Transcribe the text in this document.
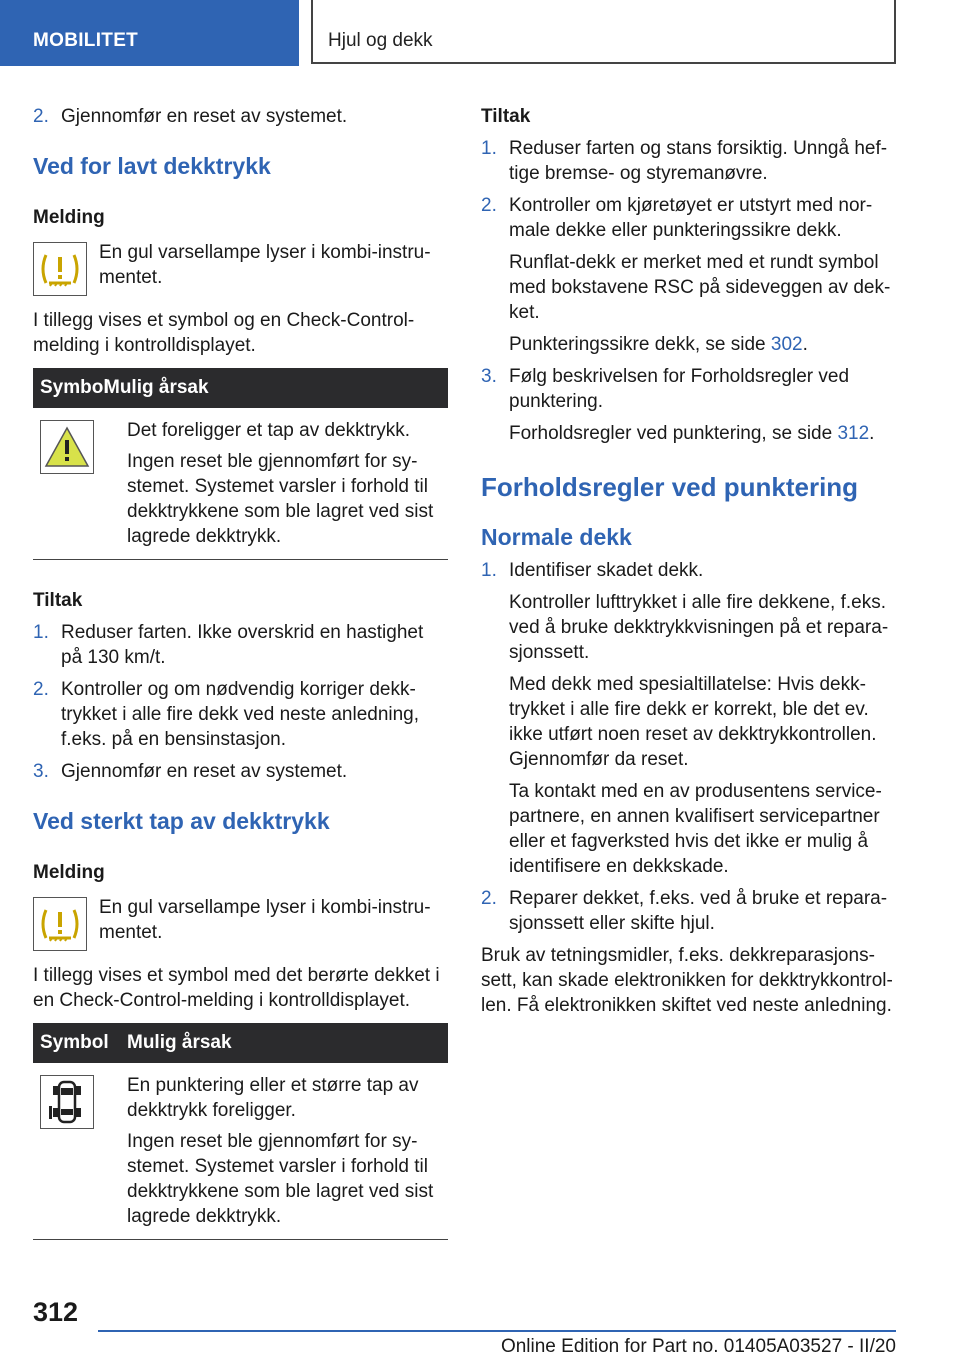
MOBILITET	Hjul og dekk
2. Gjennomfør en reset av systemet.
Ved for lavt dekktrykk

Melding

En gul varsellampe lyser i kombi-instru-mentet.

I tillegg vises et symbol og en Check-Control-melding i kontrolldisplayet.

Symbol
Mulig årsak

Det foreligger et tap av dekktrykk.

Ingen reset ble gjennomført for sy-stemet. Systemet varsler i forhold til dekktrykkene som ble lagret ved sist lagrede dekktrykk.

Tiltak

1. Reduser farten. Ikke overskrid en hastighet på 130 km/t.
2. Kontroller og om nødvendig korriger dekk-trykket i alle fire dekk ved neste anledning, f.eks. på en bensinstasjon.
3. Gjennomfør en reset av systemet.
Ved sterkt tap av dekktrykk

Melding

En gul varsellampe lyser i kombi-instru-mentet.

I tillegg vises et symbol med det berørte dekket i en Check-Control-melding i kontrolldisplayet.

Symbol Mulig årsak

En punktering eller et større tap av dekktrykk foreligger.

Ingen reset ble gjennomført for sy-stemet. Systemet varsler i forhold til dekktrykkene som ble lagret ved sist lagrede dekktrykk.

Tiltak

1. Reduser farten og stans forsiktig. Unngå hef-tige bremse- og styremanøvre.
2. Kontroller om kjøretøyet er utstyrt med nor-male dekke eller punkteringssikre dekk.

Runflat-dekk er merket med et rundt symbol med bokstavene RSC på sideveggen av dek-ket.

Punkteringssikre dekk, se side 302.

3. Følg beskrivelsen for Forholdsregler ved punktering.

Forholdsregler ved punktering, se side 312.

Forholdsregler ved punktering
Normale dekk
1. Identifiser skadet dekk.

Kontroller lufttrykket i alle fire dekkene, f.eks. ved å bruke dekktrykkvisningen på et repara-sjonssett.

Med dekk med spesialtillatelse: Hvis dekk-trykket i alle fire dekk er korrekt, ble det ev. ikke utført noen reset av dekktrykkontrollen. Gjennomfør da reset.

Ta kontakt med en av produsentens service-partnere, en annen kvalifisert servicepartner eller et fagverksted hvis det ikke er mulig å identifisere en dekkskade.

2. Reparer dekket, f.eks. ved å bruke et repara-sjonssett eller skifte hjul.

Bruk av tetningsmidler, f.eks. dekkreparasjons-sett, kan skade elektronikken for dekktrykkontrol-len. Få elektronikken skiftet ved neste anledning.

312
Online Edition for Part no. 01405A03527 - II/20
